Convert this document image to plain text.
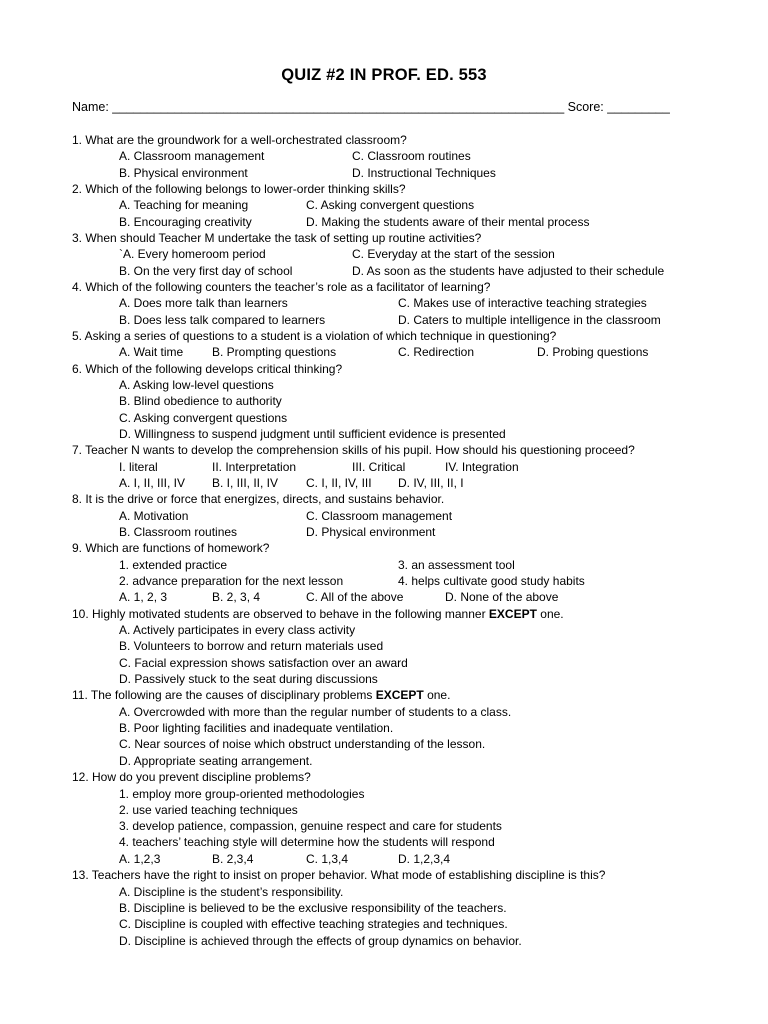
QUIZ #2 IN PROF. ED. 553
Name: _________________________________________________________________ Score: _________
1. What are the groundwork for a well-orchestrated classroom?
A. Classroom management	C. Classroom routines
B. Physical environment	D. Instructional Techniques
2. Which of the following belongs to lower-order thinking skills?
A. Teaching for meaning	C. Asking convergent questions
B. Encouraging creativity	D. Making the students aware of their mental process
3. When should Teacher M undertake the task of setting up routine activities?
`A. Every homeroom period	C. Everyday at the start of the session
B. On the very first day of school	D. As soon as the students have adjusted to their schedule
4. Which of the following counters the teacher’s role as a facilitator of learning?
A. Does more talk than learners	C. Makes use of interactive teaching strategies
B. Does less talk compared to learners	D. Caters to multiple intelligence in the classroom
5. Asking a series of questions to a student is a violation of which technique in questioning?
A. Wait time B. Prompting questions	C. Redirection	D. Probing questions
6. Which of the following develops critical thinking?
A. Asking low-level questions
B. Blind obedience to authority
C. Asking convergent questions
D. Willingness to suspend judgment until sufficient evidence is presented
7. Teacher N wants to develop the comprehension skills of his pupil. How should his questioning proceed?
I. literal	II. Interpretation	III. Critical	IV. Integration
A. I, II, III, IV B. I, III, II, IV C. I, II, IV, III D. IV, III, II, I
8. It is the drive or force that energizes, directs, and sustains behavior.
A. Motivation	C. Classroom management
B. Classroom routines	D. Physical environment
9. Which are functions of homework?
1. extended practice	3. an assessment tool
2. advance preparation for the next lesson	4. helps cultivate good study habits
A. 1, 2, 3	B. 2, 3, 4	C. All of the above	D. None of the above
10. Highly motivated students are observed to behave in the following manner EXCEPT one.
A. Actively participates in every class activity
B. Volunteers to borrow and return materials used
C. Facial expression shows satisfaction over an award
D. Passively stuck to the seat during discussions
11. The following are the causes of disciplinary problems EXCEPT one.
A. Overcrowded with more than the regular number of students to a class.
B. Poor lighting facilities and inadequate ventilation.
C. Near sources of noise which obstruct understanding of the lesson.
D. Appropriate seating arrangement.
12. How do you prevent discipline problems?
1. employ more group-oriented methodologies
2. use varied teaching techniques
3. develop patience, compassion, genuine respect and care for students
4. teachers’ teaching style will determine how the students will respond
A. 1,2,3	B. 2,3,4	C. 1,3,4	D. 1,2,3,4
13. Teachers have the right to insist on proper behavior. What mode of establishing discipline is this?
A. Discipline is the student’s responsibility.
B. Discipline is believed to be the exclusive responsibility of the teachers.
C. Discipline is coupled with effective teaching strategies and techniques.
D. Discipline is achieved through the effects of group dynamics on behavior.
